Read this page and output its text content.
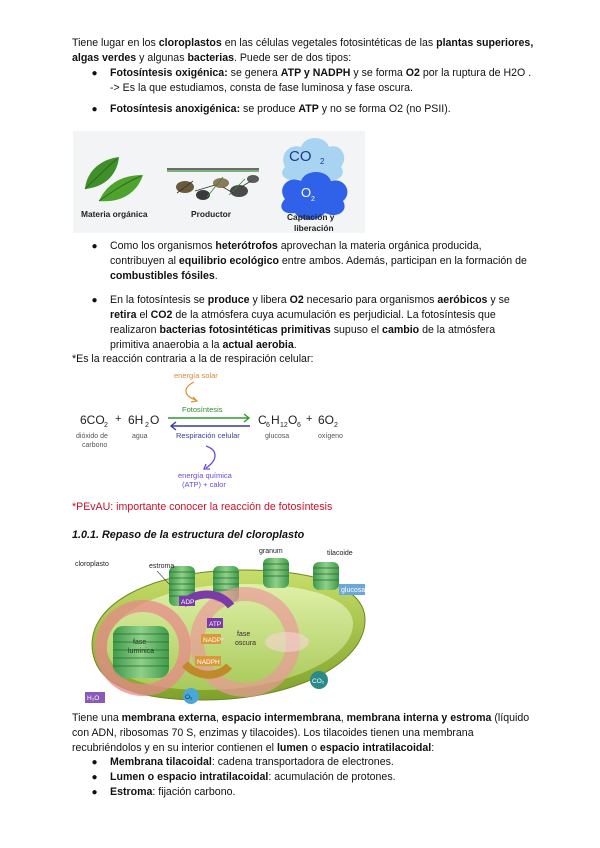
Tiene lugar en los cloroplastos en las células vegetales fotosintéticas de las plantas superiores, algas verdes y algunas bacterias. Puede ser de dos tipos:
● Fotosíntesis oxigénica: se genera ATP y NADPH y se forma O2 por la ruptura de H2O . -> Es la que estudiamos, consta de fase luminosa y fase oscura.
● Fotosíntesis anoxigénica: se produce ATP y no se forma O2 (no PSII).
CO 2
O 2
Materia orgánica	Productor	Captación y
liberación
● Como los organismos heterótrofos aprovechan la materia orgánica producida, contribuyen al equilibrio ecológico entre ambos. Además, participan en la formación de combustibles fósiles.
● En la fotosíntesis se produce y libera O2 necesario para organismos aeróbicos y se retira el CO2 de la atmósfera cuya acumulación es perjudicial. La fotosíntesis que realizaron bacterias fotosintéticas primitivas supuso el cambio de la atmósfera primitiva anaerobia a la actual aerobia.
*Es la reacción contraria a la de respiración celular:
energía solar
6CO 2
+ 6H 2 O
Fotosíntesis
Respiración celular
C 6 H 12 O 6
+ 6O 2
dióxido de
carbono
agua	glucosa	oxígeno
energía química
(ATP) + calor
*PEvAU: importante conocer la reacción de fotosíntesis
1.0.1. Repaso de la estructura del cloroplasto
granum	tilacoide
cloroplasto	estroma
glucosa
ADP
ATP
NADP⁺
NADPH
fase
lumínica
fase
oscura
H₂O	O₂
CO₂
Tiene una membrana externa, espacio intermembrana, membrana interna y estroma (líquido con ADN, ribosomas 70 S, enzimas y tilacoides). Los tilacoides tienen una membrana recubriéndolos y en su interior contienen el lumen o espacio intratilacoidal:
● Membrana tilacoidal: cadena transportadora de electrones.
● Lumen o espacio intratilacoidal: acumulación de protones.
● Estroma: fijación carbono.
